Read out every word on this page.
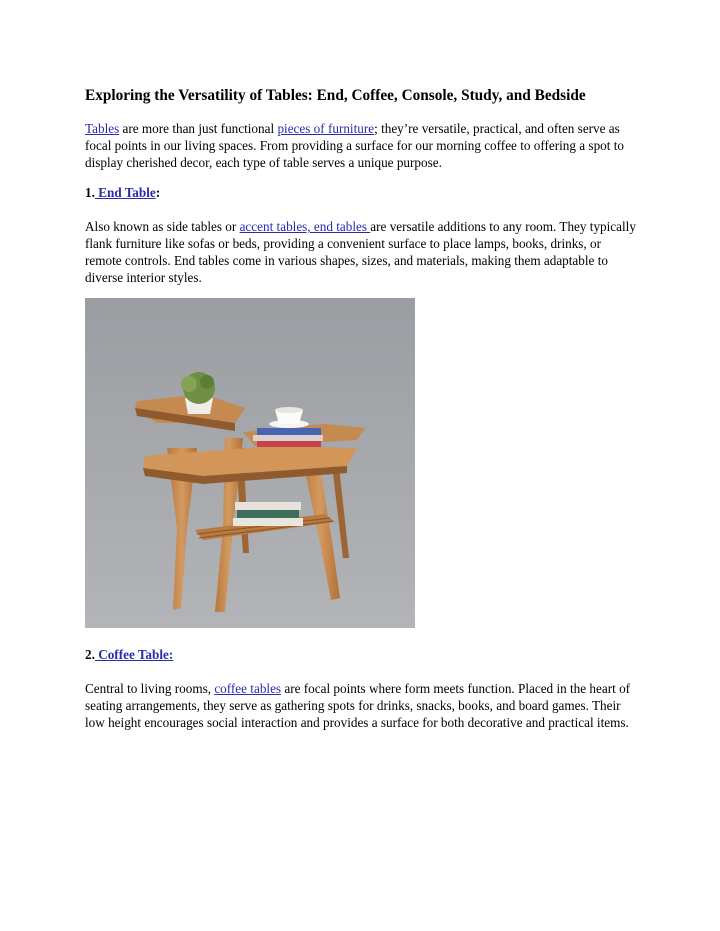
Exploring the Versatility of Tables: End, Coffee, Console, Study, and Bedside

Tables are more than just functional pieces of furniture; they’re versatile, practical, and often serve as focal points in our living spaces. From providing a surface for our morning coffee to offering a spot to display cherished decor, each type of table serves a unique purpose.

1. End Table:

Also known as side tables or accent tables, end tables are versatile additions to any room. They typically flank furniture like sofas or beds, providing a convenient surface to place lamps, books, drinks, or remote controls. End tables come in various shapes, sizes, and materials, making them adaptable to diverse interior styles.

2. Coffee Table:

Central to living rooms, coffee tables are focal points where form meets function. Placed in the heart of seating arrangements, they serve as gathering spots for drinks, snacks, books, and board games. Their low height encourages social interaction and provides a surface for both decorative and practical items.
